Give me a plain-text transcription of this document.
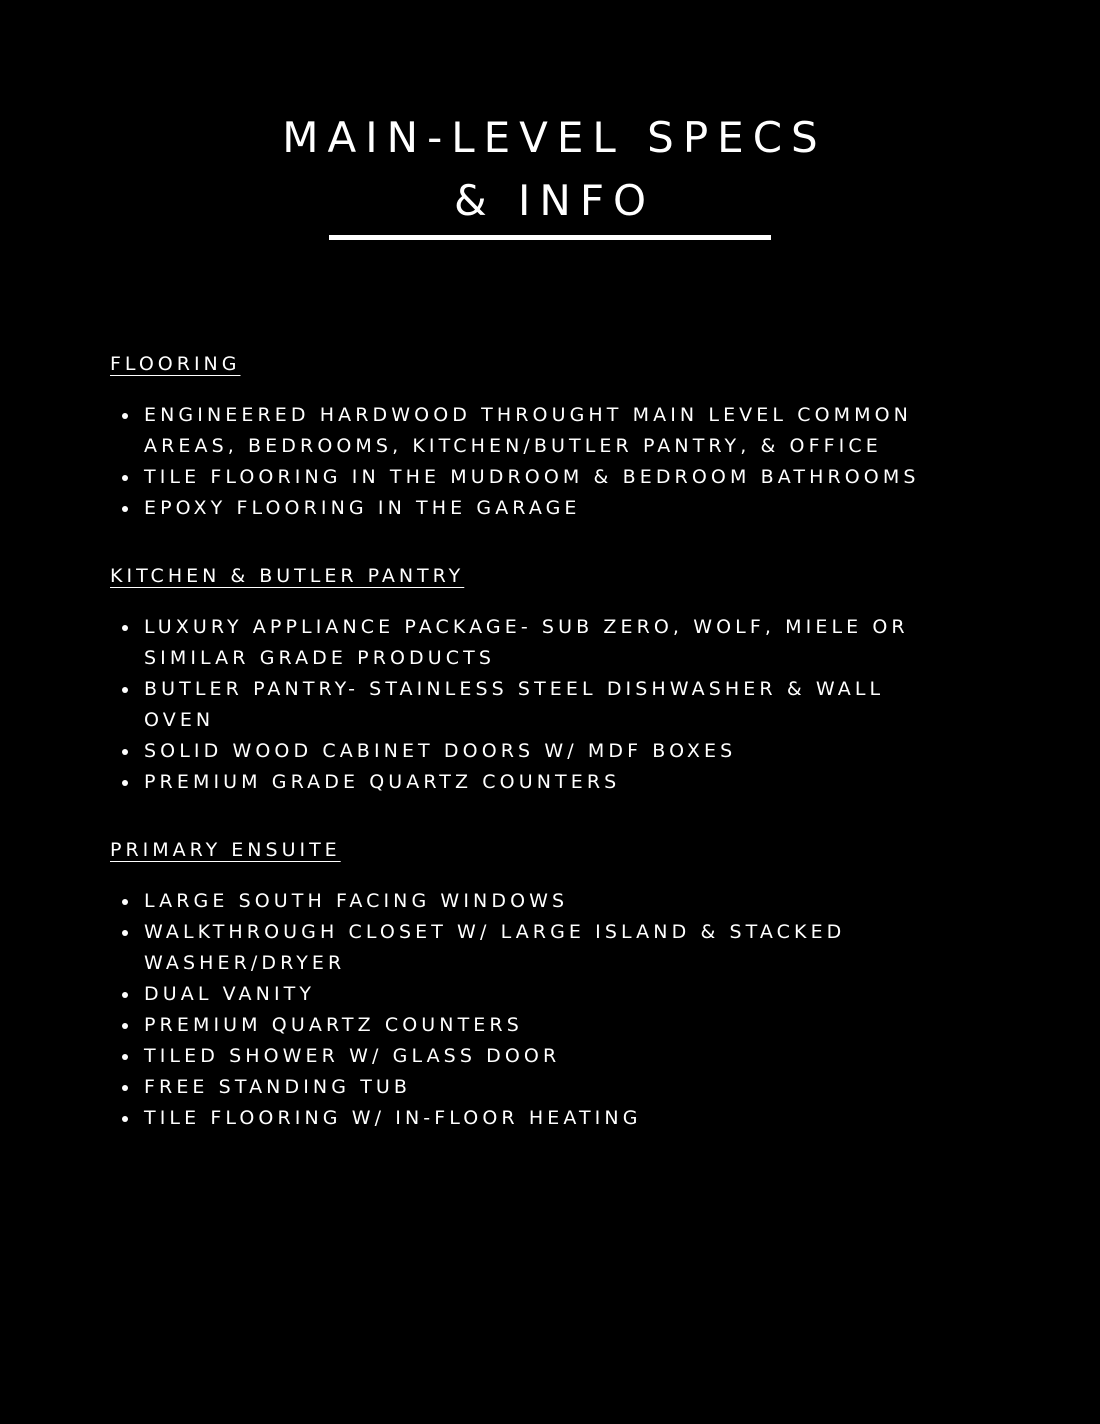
MAIN-LEVEL SPECS
& INFO
FLOORING
ENGINEERED HARDWOOD THROUGHT MAIN LEVEL COMMON
AREAS, BEDROOMS, KITCHEN/BUTLER PANTRY, & OFFICE
TILE FLOORING IN THE MUDROOM & BEDROOM BATHROOMS
EPOXY FLOORING IN THE GARAGE
KITCHEN & BUTLER PANTRY
LUXURY APPLIANCE PACKAGE- SUB ZERO, WOLF, MIELE OR
SIMILAR GRADE PRODUCTS
BUTLER PANTRY- STAINLESS STEEL DISHWASHER & WALL
OVEN
SOLID WOOD CABINET DOORS W/ MDF BOXES
PREMIUM GRADE QUARTZ COUNTERS
PRIMARY ENSUITE
LARGE SOUTH FACING WINDOWS
WALKTHROUGH CLOSET W/ LARGE ISLAND & STACKED
WASHER/DRYER
DUAL VANITY
PREMIUM QUARTZ COUNTERS
TILED SHOWER W/ GLASS DOOR
FREE STANDING TUB
TILE FLOORING W/ IN-FLOOR HEATING
